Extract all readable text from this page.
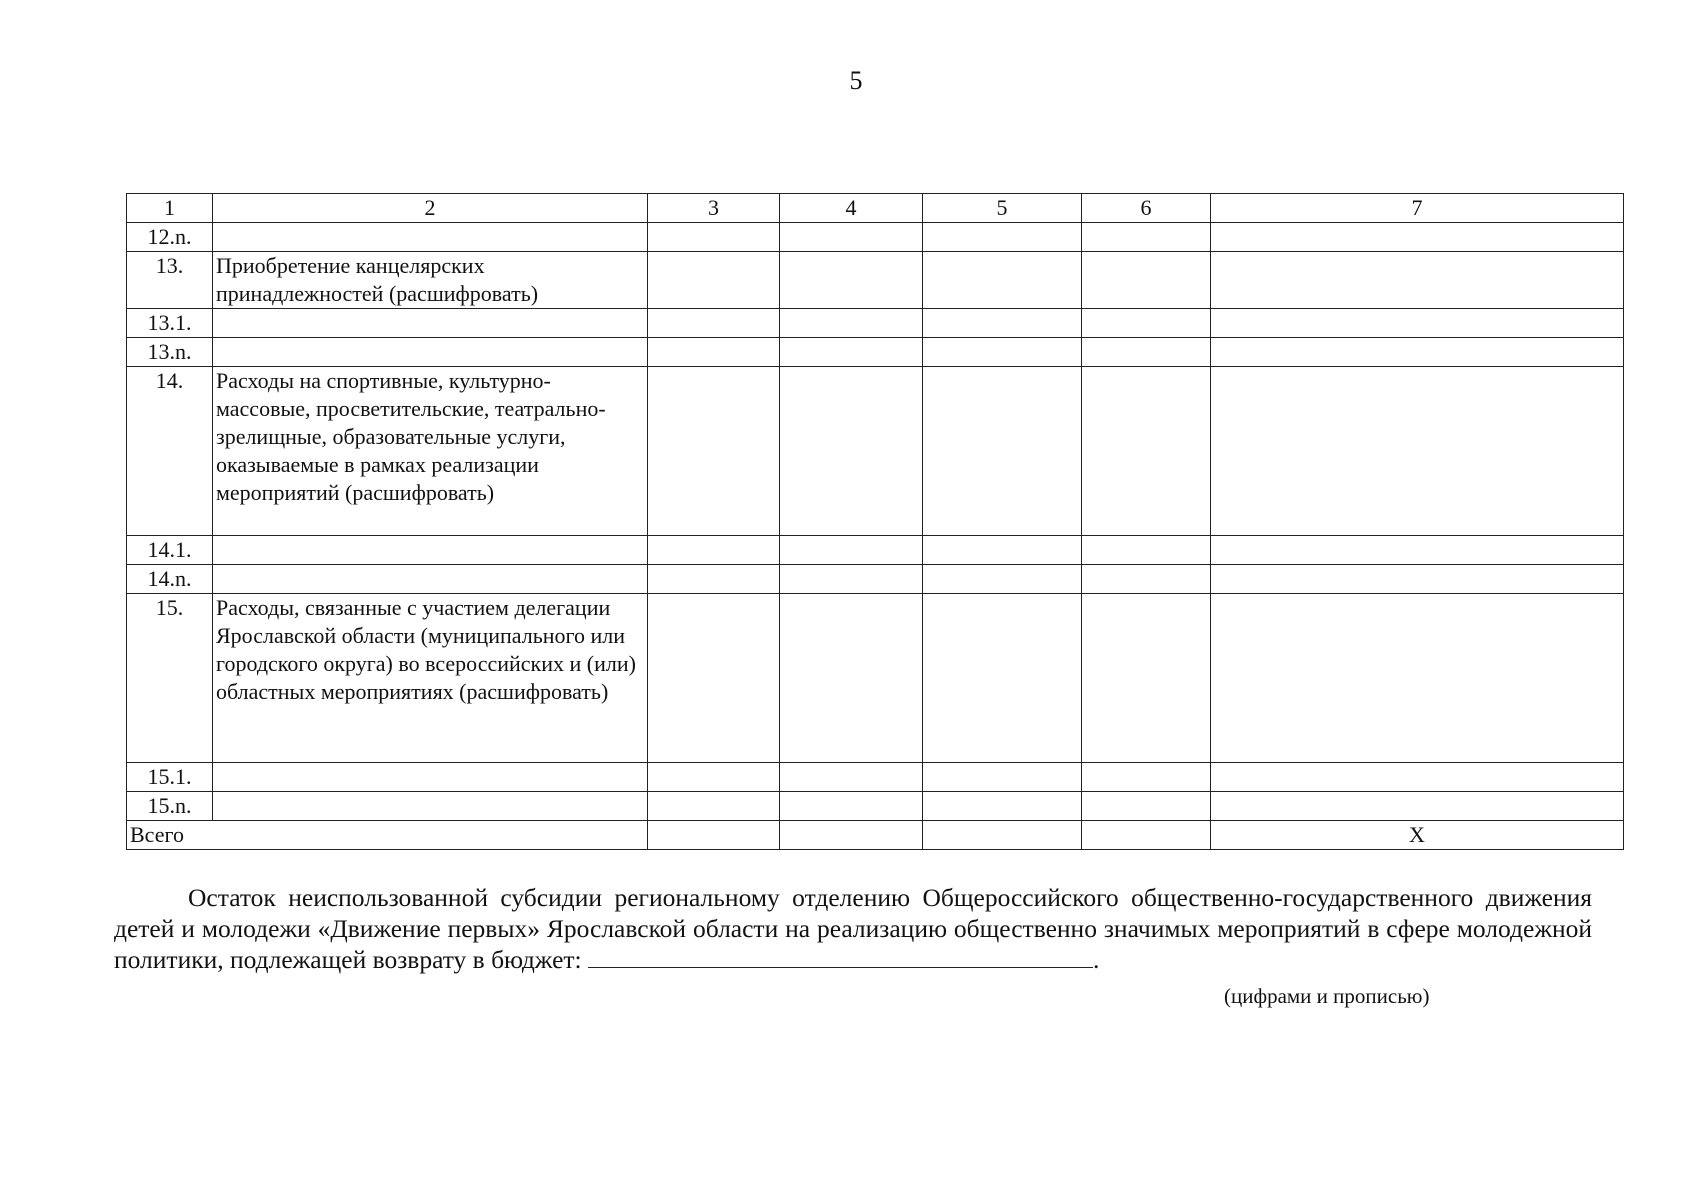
5
1	2	3	4	5	6	7
12.n.						
13.	Приобретение канцелярских принадлежностей (расшифровать)					
13.1.						
13.n.						
14.	Расходы на спортивные, культурно-массовые, просветительские, театрально-зрелищные, образовательные услуги, оказываемые в рамках реализации мероприятий (расшифровать)					
14.1.						
14.n.						
15.	Расходы, связанные с участием делегации Ярославской области (муниципального или городского округа) во всероссийских и (или) областных мероприятиях (расшифровать)					
15.1.						
15.n.						
Всего						X
Остаток неиспользованной субсидии региональному отделению Общероссийского общественно-государственного движения детей и молодежи «Движение первых» Ярославской области на реализацию общественно значимых мероприятий в сфере молодежной политики, подлежащей возврату в бюджет:	.
(цифрами и прописью)
